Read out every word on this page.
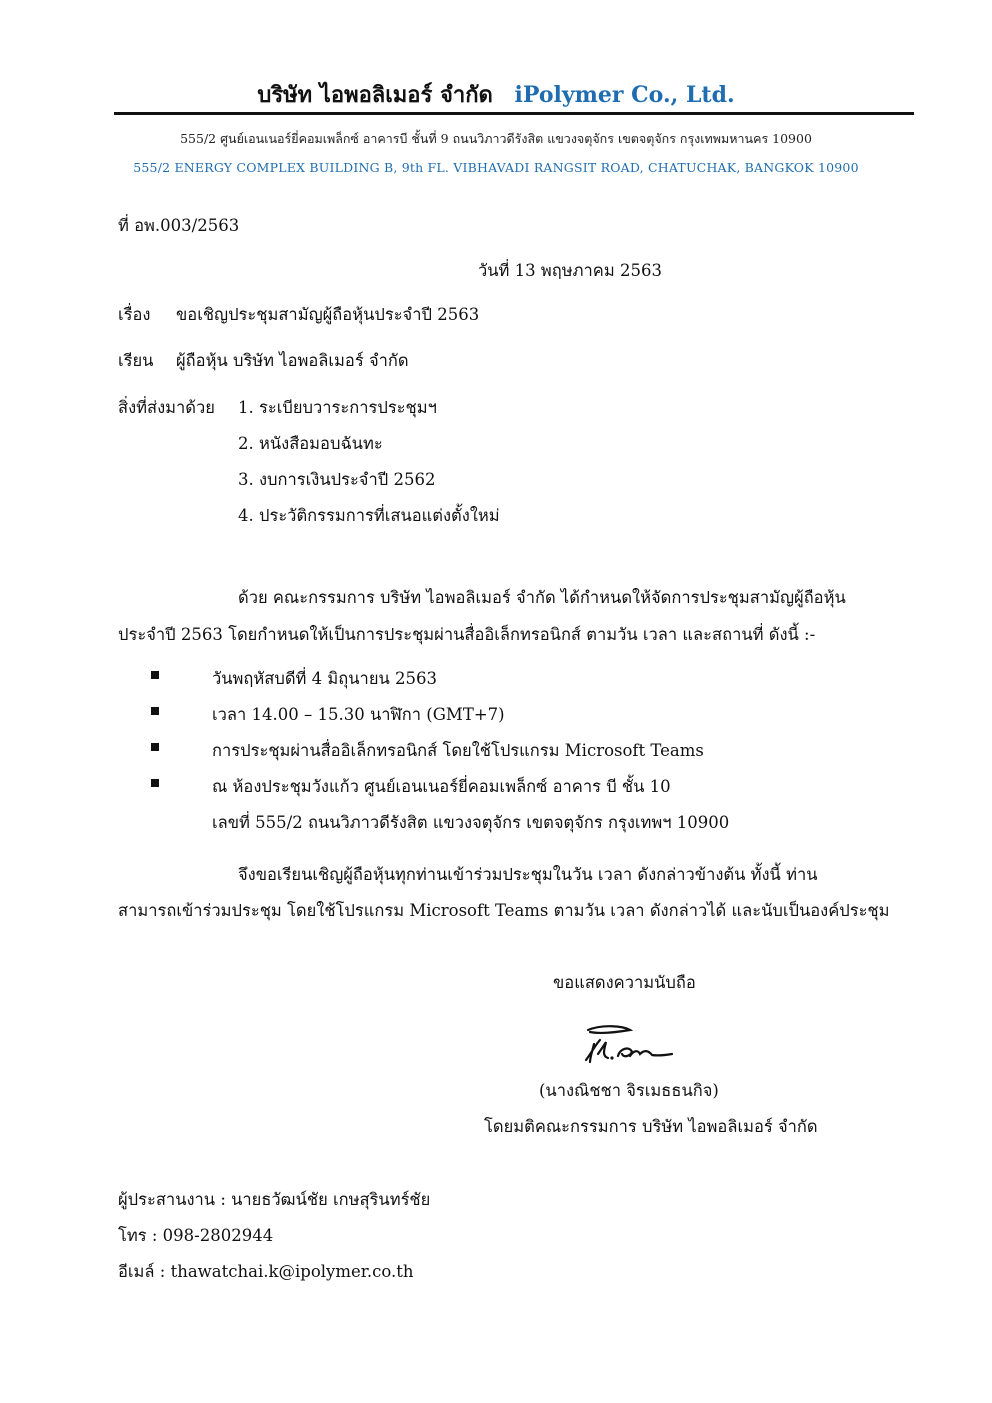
บริษัท ไอพอลิเมอร์ จำกัด iPolymer Co., Ltd.
555/2 ศูนย์เอนเนอร์ยี่คอมเพล็กซ์ อาคารบี ชั้นที่ 9 ถนนวิภาวดีรังสิต แขวงจตุจักร เขตจตุจักร กรุงเทพมหานคร 10900
555/2 ENERGY COMPLEX BUILDING B, 9th FL. VIBHAVADI RANGSIT ROAD, CHATUCHAK, BANGKOK 10900
ที่ อพ.003/2563
วันที่ 13 พฤษภาคม 2563
เรื่อง ขอเชิญประชุมสามัญผู้ถือหุ้นประจำปี 2563
เรียน ผู้ถือหุ้น บริษัท ไอพอลิเมอร์ จำกัด
สิ่งที่ส่งมาด้วย 1. ระเบียบวาระการประชุมฯ
2. หนังสือมอบฉันทะ
3. งบการเงินประจำปี 2562
4. ประวัติกรรมการที่เสนอแต่งตั้งใหม่
ด้วย คณะกรรมการ บริษัท ไอพอลิเมอร์ จำกัด ได้กำหนดให้จัดการประชุมสามัญผู้ถือหุ้น
ประจำปี 2563 โดยกำหนดให้เป็นการประชุมผ่านสื่ออิเล็กทรอนิกส์ ตามวัน เวลา และสถานที่ ดังนี้ :-
วันพฤหัสบดีที่ 4 มิถุนายน 2563
เวลา 14.00 – 15.30 นาฬิกา (GMT+7)
การประชุมผ่านสื่ออิเล็กทรอนิกส์ โดยใช้โปรแกรม Microsoft Teams
ณ ห้องประชุมวังแก้ว ศูนย์เอนเนอร์ยี่คอมเพล็กซ์ อาคาร บี ชั้น 10
เลขที่ 555/2 ถนนวิภาวดีรังสิต แขวงจตุจักร เขตจตุจักร กรุงเทพฯ 10900
จึงขอเรียนเชิญผู้ถือหุ้นทุกท่านเข้าร่วมประชุมในวัน เวลา ดังกล่าวข้างต้น ทั้งนี้ ท่าน
สามารถเข้าร่วมประชุม โดยใช้โปรแกรม Microsoft Teams ตามวัน เวลา ดังกล่าวได้ และนับเป็นองค์ประชุม
ขอแสดงความนับถือ
(นางณิชชา จิรเมธธนกิจ)
โดยมติคณะกรรมการ บริษัท ไอพอลิเมอร์ จำกัด
ผู้ประสานงาน : นายธวัฒน์ชัย เกษสุรินทร์ชัย
โทร : 098-2802944
อีเมล์ : thawatchai.k@ipolymer.co.th
